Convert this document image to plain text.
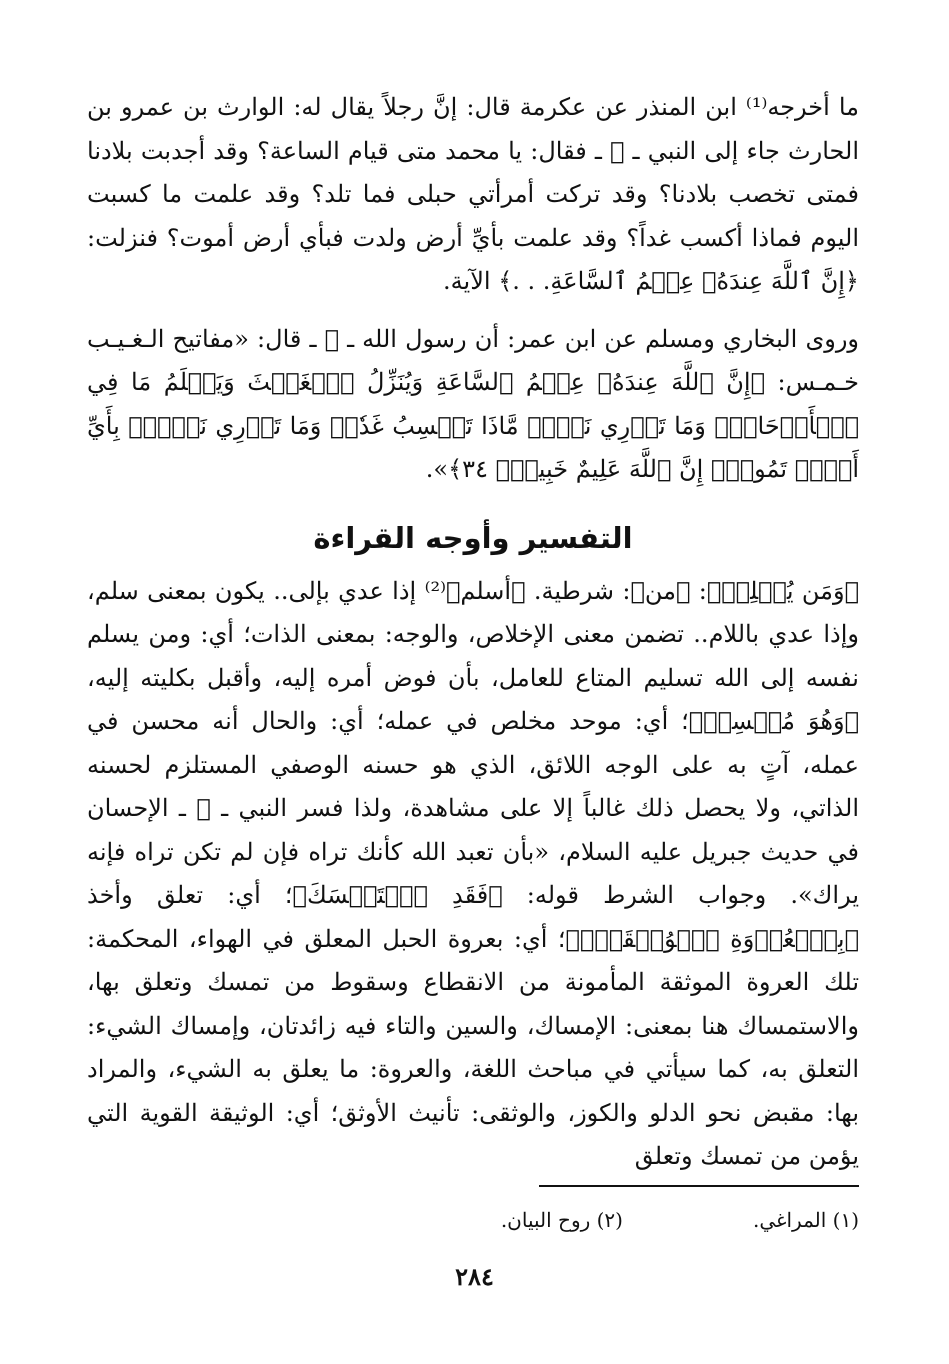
ما أخرجه⁽¹⁾ ابن المنذر عن عكرمة قال: إنَّ رجلاً يقال له: الوارث بن عمرو بن الحارث جاء إلى النبي ـ ﷺ ـ فقال: يا محمد متى قيام الساعة؟ وقد أجدبت بلادنا فمتى تخصب بلادنا؟ وقد تركت أمرأتي حبلى فما تلد؟ وقد علمت ما كسبت اليوم فماذا أكسب غداً؟ وقد علمت بأيِّ أرض ولدت فبأي أرض أموت؟ فنزلت: ﴿إِنَّ ٱللَّهَ عِندَهُۥ عِلۡمُ ٱلسَّاعَةِ. . .﴾ الآية.

وروى البخاري ومسلم عن ابن عمر: أن رسول الله ـ ﷺ ـ قال: «مفاتيح الـغـيـب خـمـس: ﴿إِنَّ ٱللَّهَ عِندَهُۥ عِلۡمُ ٱلسَّاعَةِ وَيُنَزِّلُ ٱلۡغَيۡثَ وَيَعۡلَمُ مَا فِي ٱلۡأَرۡحَامِۖ وَمَا تَدۡرِي نَفۡسٞ مَّاذَا تَكۡسِبُ غَدٗاۖ وَمَا تَدۡرِي نَفۡسُۢ بِأَيِّ أَرۡضٖ تَمُوتُۚ إِنَّ ٱللَّهَ عَلِيمٌ خَبِيرُۢ ٣٤﴾».

التفسير وأوجه القراءة

﴿وَمَن يُسۡلِمۡ﴾: ﴿من﴾: شرطية. ﴿أسلم﴾⁽²⁾ إذا عدي بإلى.. يكون بمعنى سلم، وإذا عدي باللام.. تضمن معنى الإخلاص، والوجه: بمعنى الذات؛ أي: ومن يسلم نفسه إلى الله تسليم المتاع للعامل، بأن فوض أمره إليه، وأقبل بكليته إليه، ﴿وَهُوَ مُحۡسِنٞ﴾؛ أي: موحد مخلص في عمله؛ أي: والحال أنه محسن في عمله، آتٍ به على الوجه اللائق، الذي هو حسنه الوصفي المستلزم لحسنه الذاتي، ولا يحصل ذلك غالباً إلا على مشاهدة، ولذا فسر النبي ـ ﷺ ـ الإحسان في حديث جبريل عليه السلام، «بأن تعبد الله كأنك تراه فإن لم تكن تراه فإنه يراك». وجواب الشرط قوله: ﴿فَقَدِ ٱسۡتَمۡسَكَ﴾؛ أي: تعلق وأخذ ﴿بِٱلۡعُرۡوَةِ ٱلۡوُثۡقَىٰۗ﴾؛ أي: بعروة الحبل المعلق في الهواء، المحكمة: تلك العروة الموثقة المأمونة من الانقطاع وسقوط من تمسك وتعلق بها، والاستمساك هنا بمعنى: الإمساك، والسين والتاء فيه زائدتان، وإمساك الشيء: التعلق به، كما سيأتي في مباحث اللغة، والعروة: ما يعلق به الشيء، والمراد بها: مقبض نحو الدلو والكوز، والوثقى: تأنيث الأوثق؛ أي: الوثيقة القوية التي يؤمن من تمسك وتعلق

(١) المراغي.
(٢) روح البيان.
٢٨٤
